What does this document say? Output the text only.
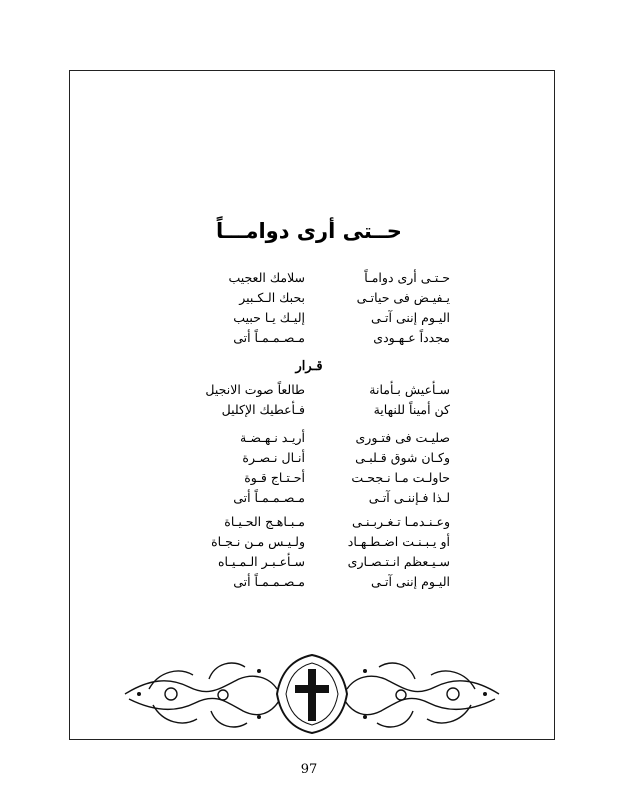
حــتى أرى دوامـــاً
حـتـى أرى دوامـاً
سلامك العجيب
يـفيـض فى حياتـى
بحبك الـكـبير
اليـوم إننى آتـى
إليـك يـا حبيب
مجدداً عـهـودى
مـصـمـمـاً أتى
قـرار
سـأعيش بـأمانة
طالعاً صوت الانجيل
كن أميناً للنهاية
فـأعطيك الإكليل
صليـت فى فتـورى
أريـد نـهـضـة
وكـان شوق قـلبـى
أنـال نـصـرة
حاولـت مـا نـجحـت
أحـتـاج قـوة
لـذا فـإننـى آتـى
مـصـمـمـاً أتى
وعـنـدمـا تـغـربـنـى
مـبـاهـج الحـيـاة
أو يـبـنـت اضـطـهـاد
ولـيـس مـن نـجـاة
سـيـعظم انـتـصـارى
سـأعـبـر الـمـيـاه
اليـوم إننى آتـى
مـصـمـمـاً أتى
97
